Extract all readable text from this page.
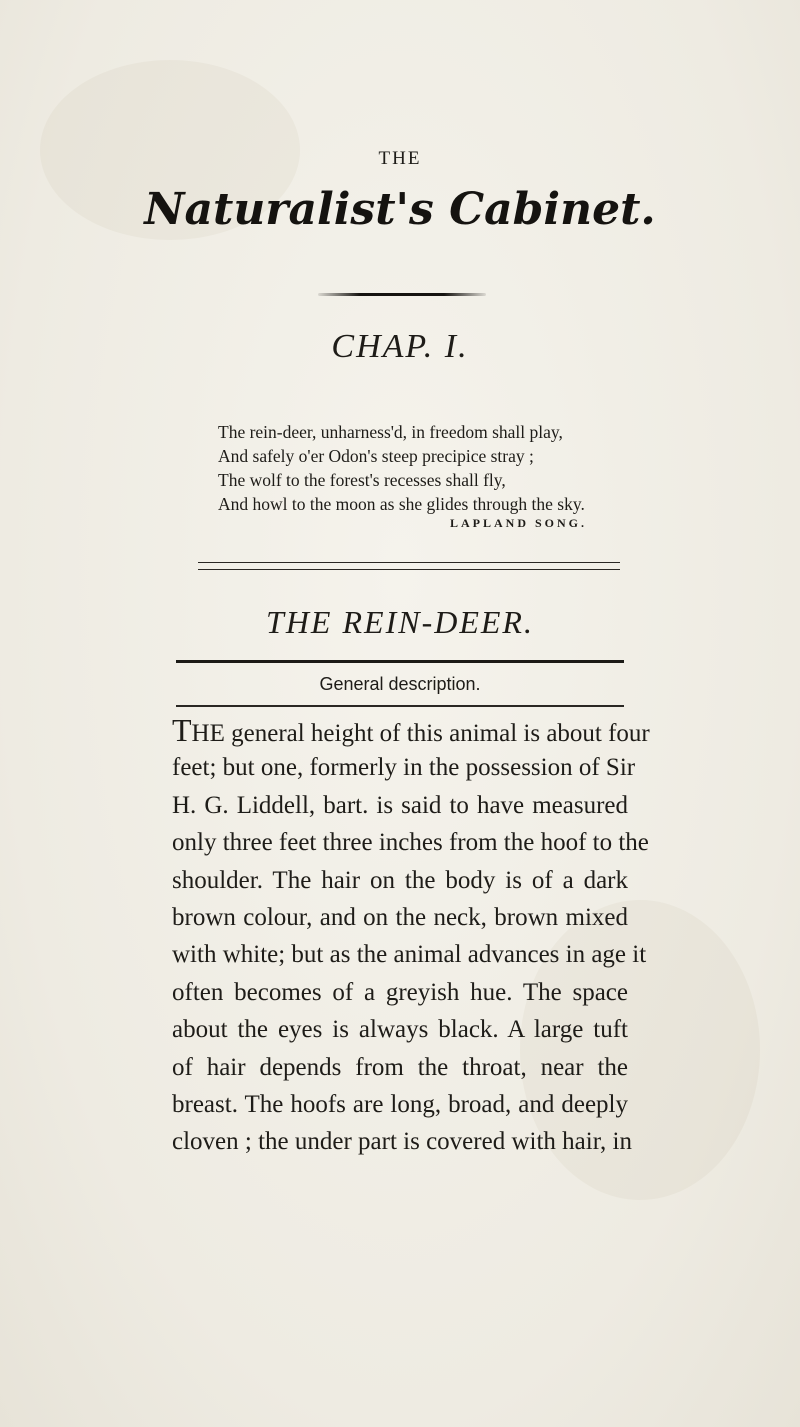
THE
Naturalist's Cabinet.
CHAP. I.
The rein-deer, unharness'd, in freedom shall play,
And safely o'er Odon's steep precipice stray ;
The wolf to the forest's recesses shall fly,
And howl to the moon as she glides through the sky.
LAPLAND SONG.
THE REIN-DEER.
General description.
THE general height of this animal is about four
feet; but one, formerly in the possession of Sir
H. G. Liddell, bart. is said to have measured
only three feet three inches from the hoof to the
shoulder. The hair on the body is of a dark
brown colour, and on the neck, brown mixed
with white; but as the animal advances in age it
often becomes of a greyish hue. The space
about the eyes is always black. A large tuft
of hair depends from the throat, near the
breast. The hoofs are long, broad, and deeply
cloven ; the under part is covered with hair, in
